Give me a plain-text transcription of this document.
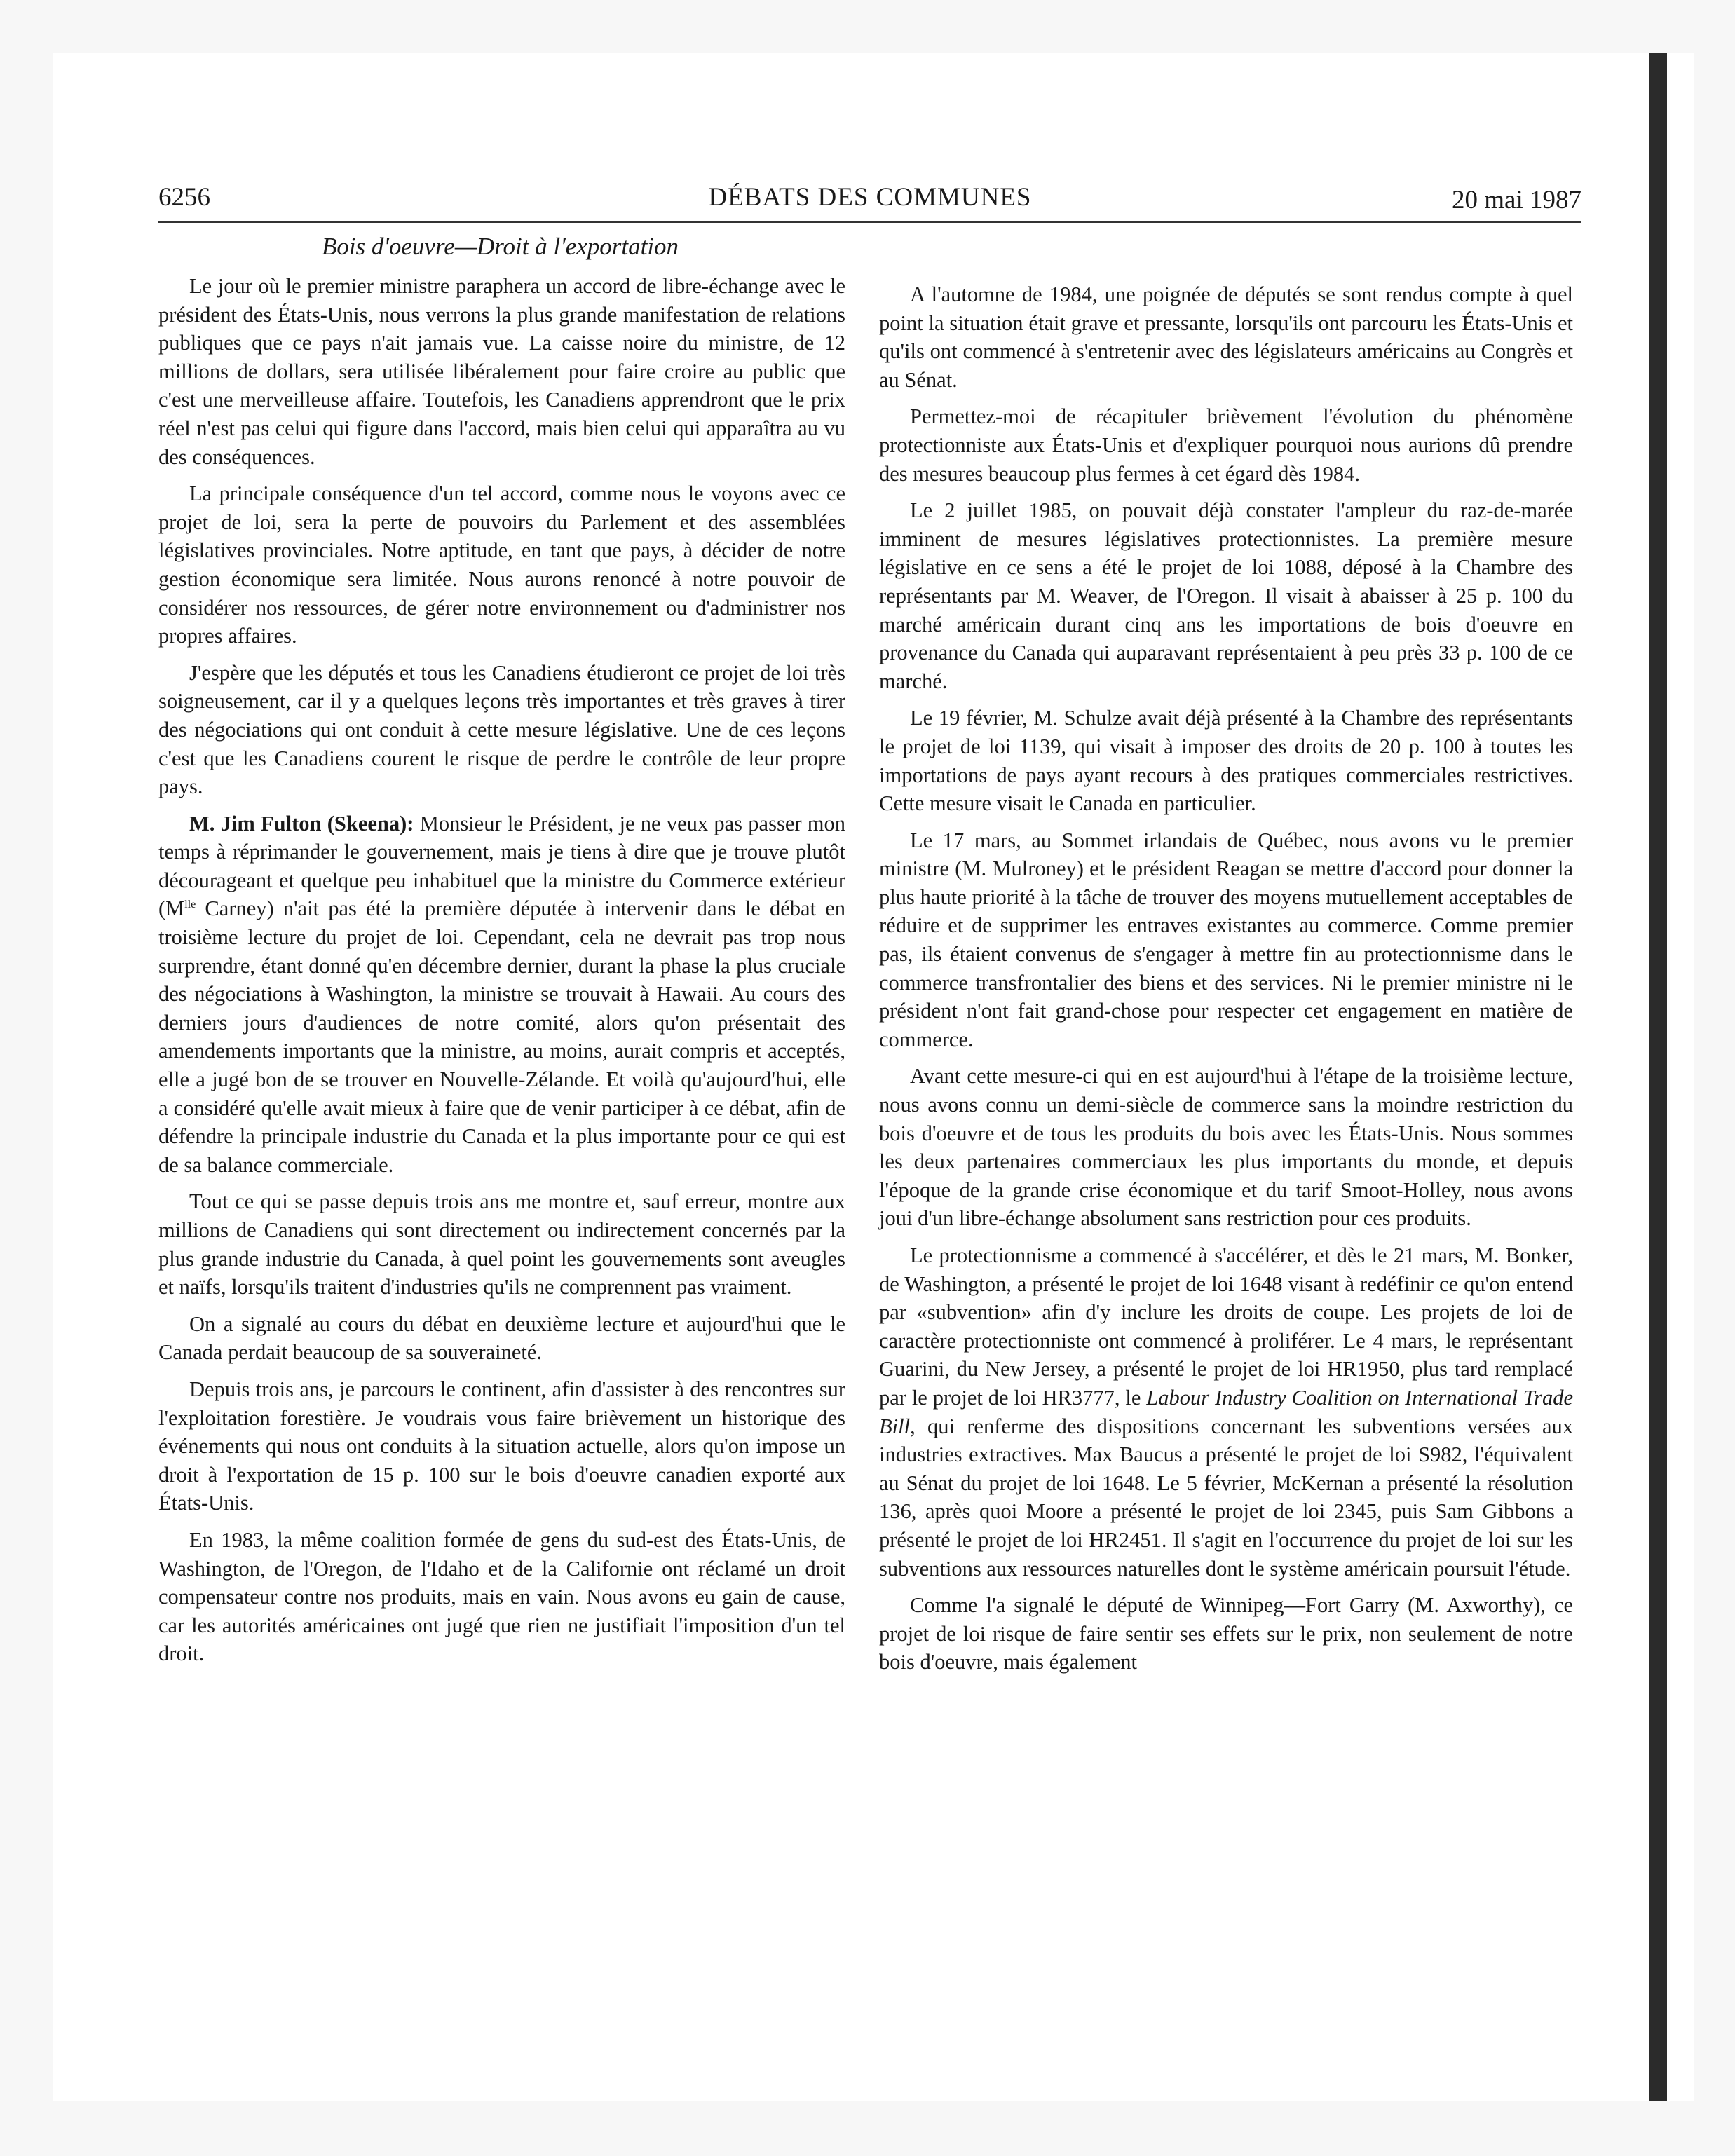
6256	DÉBATS DES COMMUNES	20 mai 1987
Bois d'oeuvre—Droit à l'exportation

Le jour où le premier ministre paraphera un accord de libre-échange avec le président des États-Unis, nous verrons la plus grande manifestation de relations publiques que ce pays n'ait jamais vue. La caisse noire du ministre, de 12 millions de dollars, sera utilisée libéralement pour faire croire au public que c'est une merveilleuse affaire. Toutefois, les Canadiens apprendront que le prix réel n'est pas celui qui figure dans l'accord, mais bien celui qui apparaîtra au vu des conséquences.

La principale conséquence d'un tel accord, comme nous le voyons avec ce projet de loi, sera la perte de pouvoirs du Parlement et des assemblées législatives provinciales. Notre aptitude, en tant que pays, à décider de notre gestion économique sera limitée. Nous aurons renoncé à notre pouvoir de considérer nos ressources, de gérer notre environnement ou d'administrer nos propres affaires.

J'espère que les députés et tous les Canadiens étudieront ce projet de loi très soigneusement, car il y a quelques leçons très importantes et très graves à tirer des négociations qui ont conduit à cette mesure législative. Une de ces leçons c'est que les Canadiens courent le risque de perdre le contrôle de leur propre pays.

M. Jim Fulton (Skeena): Monsieur le Président, je ne veux pas passer mon temps à réprimander le gouvernement, mais je tiens à dire que je trouve plutôt décourageant et quelque peu inhabituel que la ministre du Commerce extérieur ($M^{lle}$ Carney) n'ait pas été la première députée à intervenir dans le débat en troisième lecture du projet de loi. Cependant, cela ne devrait pas trop nous surprendre, étant donné qu'en décembre dernier, durant la phase la plus cruciale des négociations à Washington, la ministre se trouvait à Hawaii. Au cours des derniers jours d'audiences de notre comité, alors qu'on présentait des amendements importants que la ministre, au moins, aurait compris et acceptés, elle a jugé bon de se trouver en Nouvelle-Zélande. Et voilà qu'aujourd'hui, elle a considéré qu'elle avait mieux à faire que de venir participer à ce débat, afin de défendre la principale industrie du Canada et la plus importante pour ce qui est de sa balance commerciale.

Tout ce qui se passe depuis trois ans me montre et, sauf erreur, montre aux millions de Canadiens qui sont directement ou indirectement concernés par la plus grande industrie du Canada, à quel point les gouvernements sont aveugles et naïfs, lorsqu'ils traitent d'industries qu'ils ne comprennent pas vraiment.

On a signalé au cours du débat en deuxième lecture et aujourd'hui que le Canada perdait beaucoup de sa souveraineté.

Depuis trois ans, je parcours le continent, afin d'assister à des rencontres sur l'exploitation forestière. Je voudrais vous faire brièvement un historique des événements qui nous ont conduits à la situation actuelle, alors qu'on impose un droit à l'exportation de 15 p. 100 sur le bois d'oeuvre canadien exporté aux États-Unis.

En 1983, la même coalition formée de gens du sud-est des États-Unis, de Washington, de l'Oregon, de l'Idaho et de la Californie ont réclamé un droit compensateur contre nos produits, mais en vain. Nous avons eu gain de cause, car les autorités américaines ont jugé que rien ne justifiait l'imposition d'un tel droit.

A l'automne de 1984, une poignée de députés se sont rendus compte à quel point la situation était grave et pressante, lorsqu'ils ont parcouru les États-Unis et qu'ils ont commencé à s'entretenir avec des législateurs américains au Congrès et au Sénat.

Permettez-moi de récapituler brièvement l'évolution du phénomène protectionniste aux États-Unis et d'expliquer pourquoi nous aurions dû prendre des mesures beaucoup plus fermes à cet égard dès 1984.

Le 2 juillet 1985, on pouvait déjà constater l'ampleur du raz-de-marée imminent de mesures législatives protectionnistes. La première mesure législative en ce sens a été le projet de loi 1088, déposé à la Chambre des représentants par M. Weaver, de l'Oregon. Il visait à abaisser à 25 p. 100 du marché américain durant cinq ans les importations de bois d'oeuvre en provenance du Canada qui auparavant représentaient à peu près 33 p. 100 de ce marché.

Le 19 février, M. Schulze avait déjà présenté à la Chambre des représentants le projet de loi 1139, qui visait à imposer des droits de 20 p. 100 à toutes les importations de pays ayant recours à des pratiques commerciales restrictives. Cette mesure visait le Canada en particulier.

Le 17 mars, au Sommet irlandais de Québec, nous avons vu le premier ministre (M. Mulroney) et le président Reagan se mettre d'accord pour donner la plus haute priorité à la tâche de trouver des moyens mutuellement acceptables de réduire et de supprimer les entraves existantes au commerce. Comme premier pas, ils étaient convenus de s'engager à mettre fin au protectionnisme dans le commerce transfrontalier des biens et des services. Ni le premier ministre ni le président n'ont fait grand-chose pour respecter cet engagement en matière de commerce.

Avant cette mesure-ci qui en est aujourd'hui à l'étape de la troisième lecture, nous avons connu un demi-siècle de commerce sans la moindre restriction du bois d'oeuvre et de tous les produits du bois avec les États-Unis. Nous sommes les deux partenaires commerciaux les plus importants du monde, et depuis l'époque de la grande crise économique et du tarif Smoot-Holley, nous avons joui d'un libre-échange absolument sans restriction pour ces produits.

Le protectionnisme a commencé à s'accélérer, et dès le 21 mars, M. Bonker, de Washington, a présenté le projet de loi 1648 visant à redéfinir ce qu'on entend par «subvention» afin d'y inclure les droits de coupe. Les projets de loi de caractère protectionniste ont commencé à proliférer. Le 4 mars, le représentant Guarini, du New Jersey, a présenté le projet de loi HR1950, plus tard remplacé par le projet de loi HR3777, le Labour Industry Coalition on International Trade Bill, qui renferme des dispositions concernant les subventions versées aux industries extractives. Max Baucus a présenté le projet de loi S982, l'équivalent au Sénat du projet de loi 1648. Le 5 février, McKernan a présenté la résolution 136, après quoi Moore a présenté le projet de loi 2345, puis Sam Gibbons a présenté le projet de loi HR2451. Il s'agit en l'occurrence du projet de loi sur les subventions aux ressources naturelles dont le système américain poursuit l'étude.

Comme l'a signalé le député de Winnipeg—Fort Garry (M. Axworthy), ce projet de loi risque de faire sentir ses effets sur le prix, non seulement de notre bois d'oeuvre, mais également
